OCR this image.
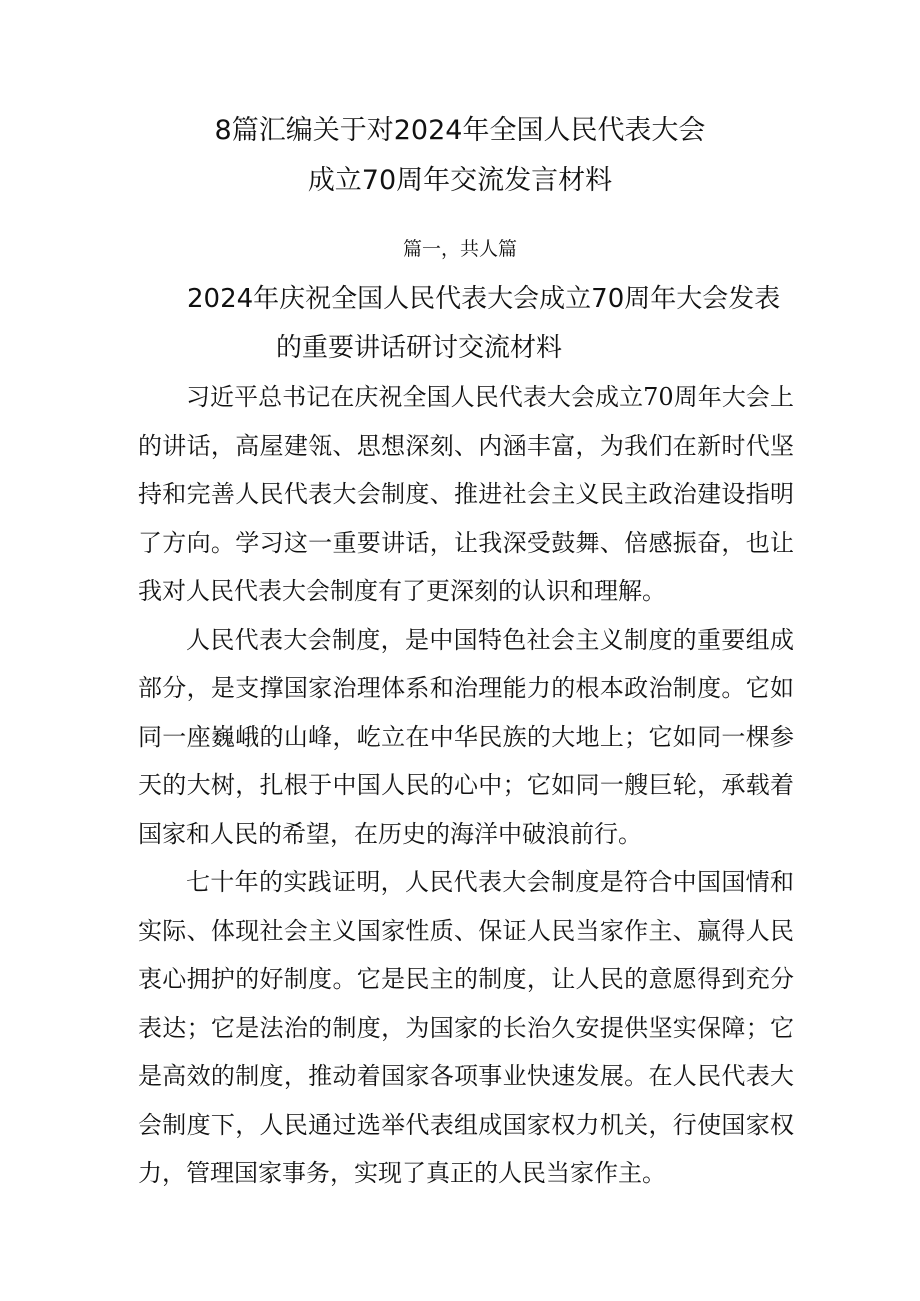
8篇汇编关于对2024年全国人民代表大会
成立70周年交流发言材料
篇一，共人篇
2024年庆祝全国人民代表大会成立70周年大会发表
的重要讲话研讨交流材料

习近平总书记在庆祝全国人民代表大会成立70周年大会上的讲话，高屋建瓴、思想深刻、内涵丰富，为我们在新时代坚持和完善人民代表大会制度、推进社会主义民主政治建设指明了方向。学习这一重要讲话，让我深受鼓舞、倍感振奋，也让我对人民代表大会制度有了更深刻的认识和理解。

人民代表大会制度，是中国特色社会主义制度的重要组成部分，是支撑国家治理体系和治理能力的根本政治制度。它如同一座巍峨的山峰，屹立在中华民族的大地上；它如同一棵参天的大树，扎根于中国人民的心中；它如同一艘巨轮，承载着国家和人民的希望，在历史的海洋中破浪前行。

七十年的实践证明，人民代表大会制度是符合中国国情和实际、体现社会主义国家性质、保证人民当家作主、赢得人民衷心拥护的好制度。它是民主的制度，让人民的意愿得到充分表达；它是法治的制度，为国家的长治久安提供坚实保障；它是高效的制度，推动着国家各项事业快速发展。在人民代表大会制度下，人民通过选举代表组成国家权力机关，行使国家权力，管理国家事务，实现了真正的人民当家作主。
